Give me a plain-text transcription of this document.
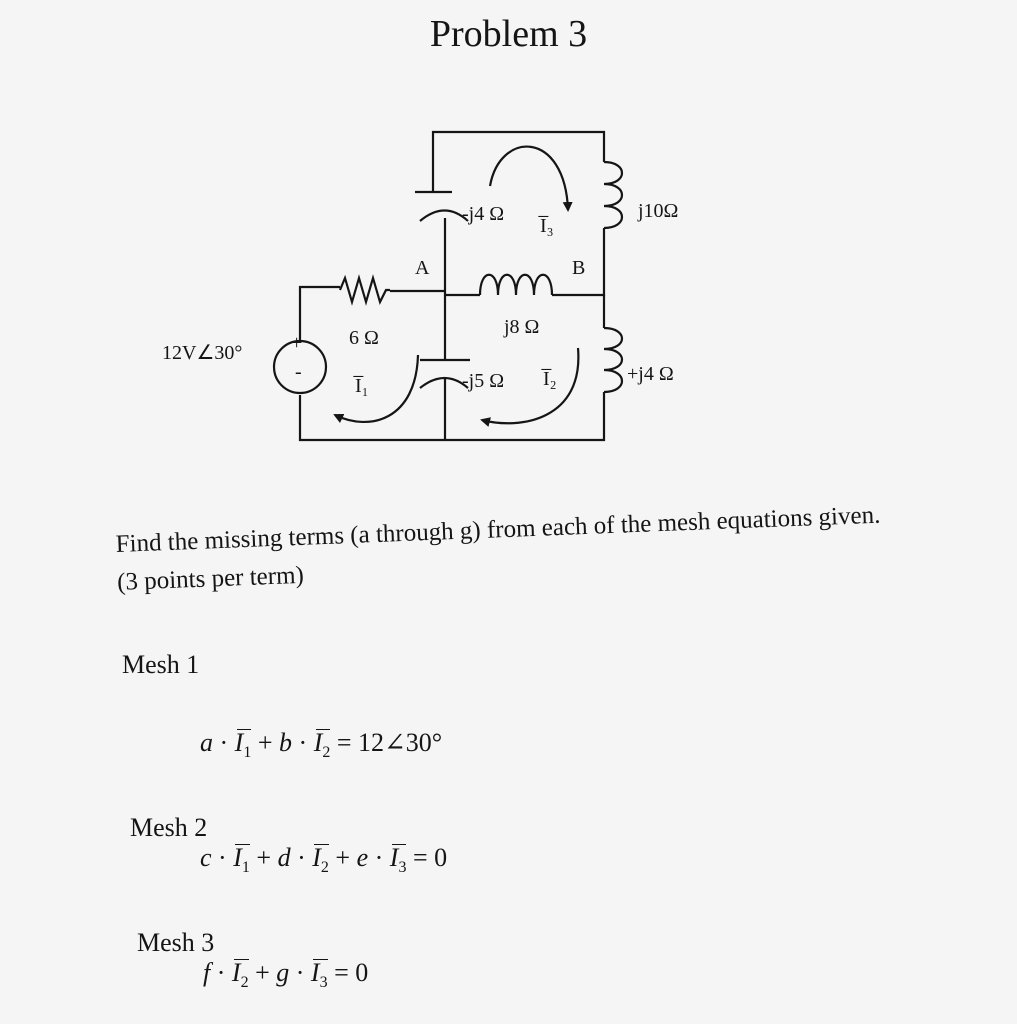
Problem 3
+
-
12V∠30°
6 Ω
-j4 Ω
-j5 Ω
j8 Ω
j10Ω
+j4 Ω
A	B
I̅₁	I̅₂
I̅₃
Find the missing terms (a through g) from each of the mesh equations given.
(3 points per term)
Mesh 1
$a \cdot I_1 + b \cdot I_2$ = 12∠30°
Mesh 2
$c \cdot I_1 + d \cdot I_2 + e \cdot I_3 = 0$
Mesh 3
$f \cdot I_2 + g \cdot I_3 = 0$
